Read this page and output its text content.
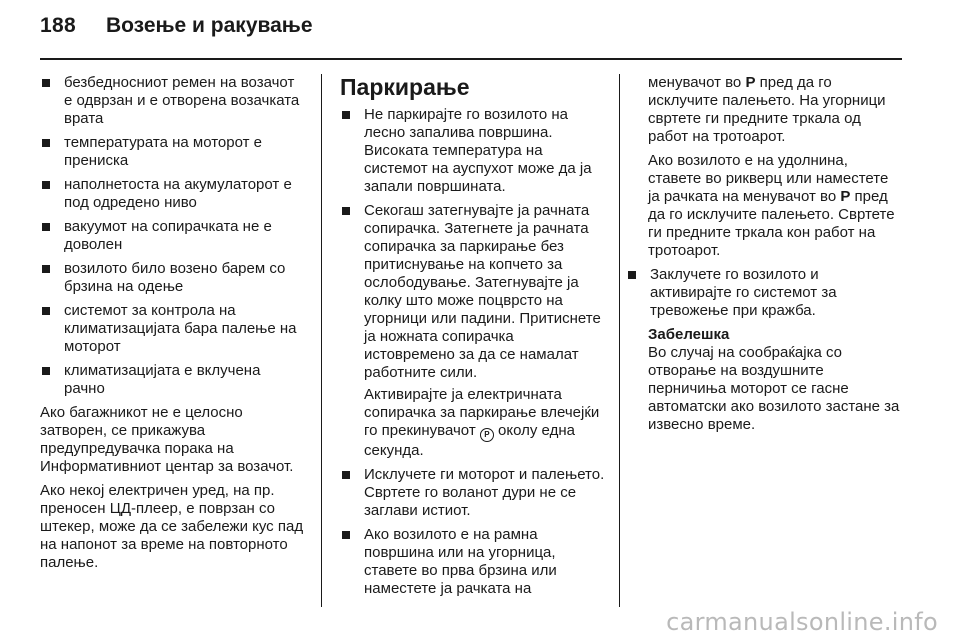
188 Возење и ракување
безбедносниот ремен на возачот е одврзан и е отворена возачката врата
температурата на моторот е прениска
наполнетоста на акумулаторот е под одредено ниво
вакуумот на сопирачката не е доволен
возилото било возено барем со брзина на одење
системот за контрола на климатизацијата бара палење на моторот
климатизацијата е вклучена рачно

Ако багажникот не е целосно затворен, се прикажува предупредувачка порака на Информативниот центар за возачот.

Ако некој електричен уред, на пр. преносен ЦД-плеер, е поврзан со штекер, може да се забележи кус пад на напонот за време на повторното палење.

Паркирање
Не паркирајте го возилото на лесно запалива површина. Високата температура на системот на ауспухот може да ја запали површината.
Секогаш затегнувајте ја рачната сопирачка. Затегнете ја рачната сопирачка за паркирање без притиснување на копчето за ослободување. Затегнувајте ја колку што може поцврсто на угорници или падини. Притиснете ја ножната сопирачка истовремено за да се намалат работните сили.

Активирајте ја електричната сопирачка за паркирање влечејќи го прекинувачот P околу една секунда.

Исклучете ги моторот и палењето. Свртете го воланот дури не се заглави истиот.
Ако возилото е на рамна површина или на угорница, ставете во прва брзина или наместете ја рачката на

менувачот во P пред да го исклучите палењето. На угорници свртете ги предните тркала од работ на тротоарот.

Ако возилото е на удолнина, ставете во рикверц или наместете ја рачката на менувачот во P пред да го исклучите палењето. Свртете ги предните тркала кон работ на тротоарот.

Заклучете го возилото и активирајте го системот за тревожење при кражба.
Забелешка

Во случај на сообраќајка со отворање на воздушните перничиња моторот се гасне автоматски ако возилото застане за извесно време.

carmanualsonline.info
